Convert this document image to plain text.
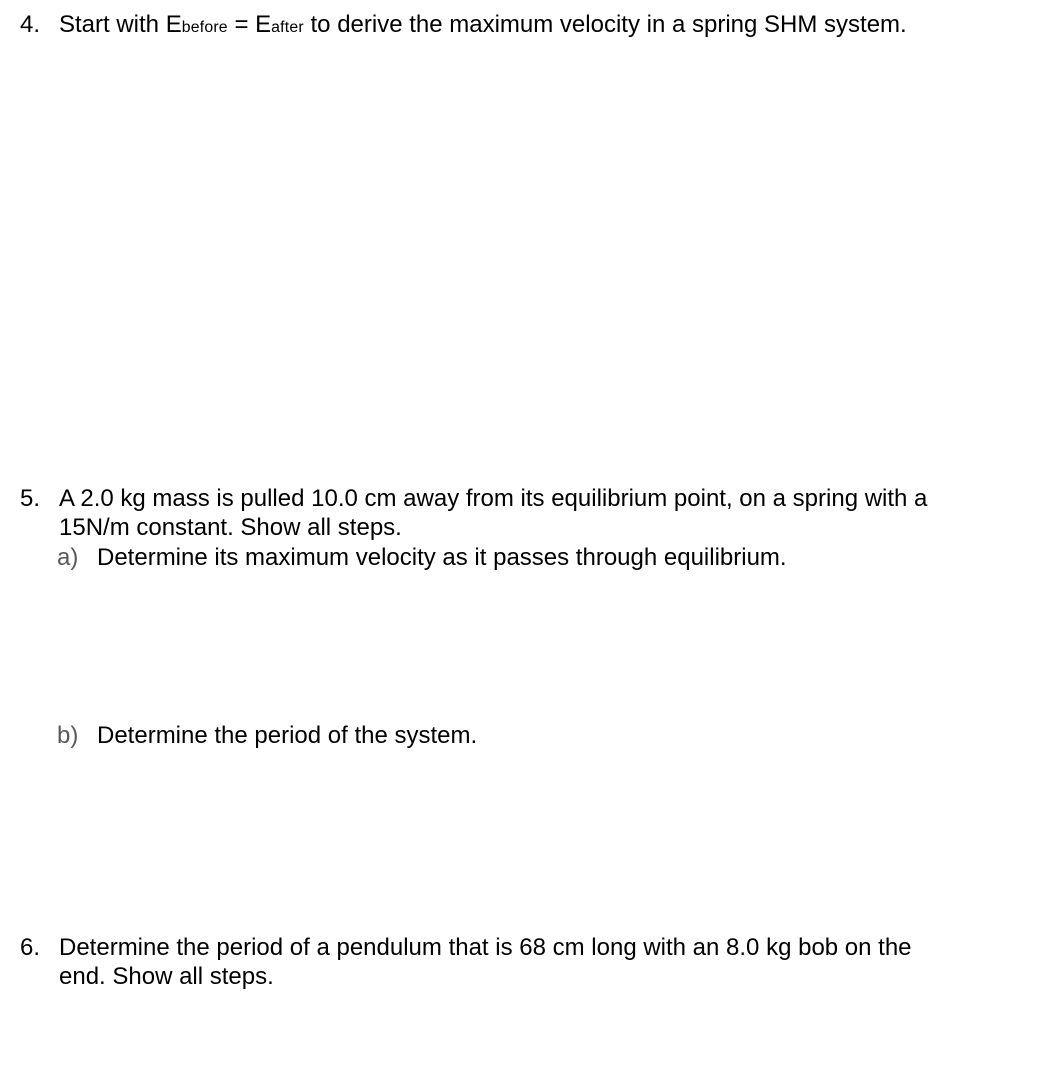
4. Start with Ebefore = Eafter to derive the maximum velocity in a spring SHM system.
5. A 2.0 kg mass is pulled 10.0 cm away from its equilibrium point, on a spring with a
15N/m constant. Show all steps.
a) Determine its maximum velocity as it passes through equilibrium.
b) Determine the period of the system.
6. Determine the period of a pendulum that is 68 cm long with an 8.0 kg bob on the
end. Show all steps.
